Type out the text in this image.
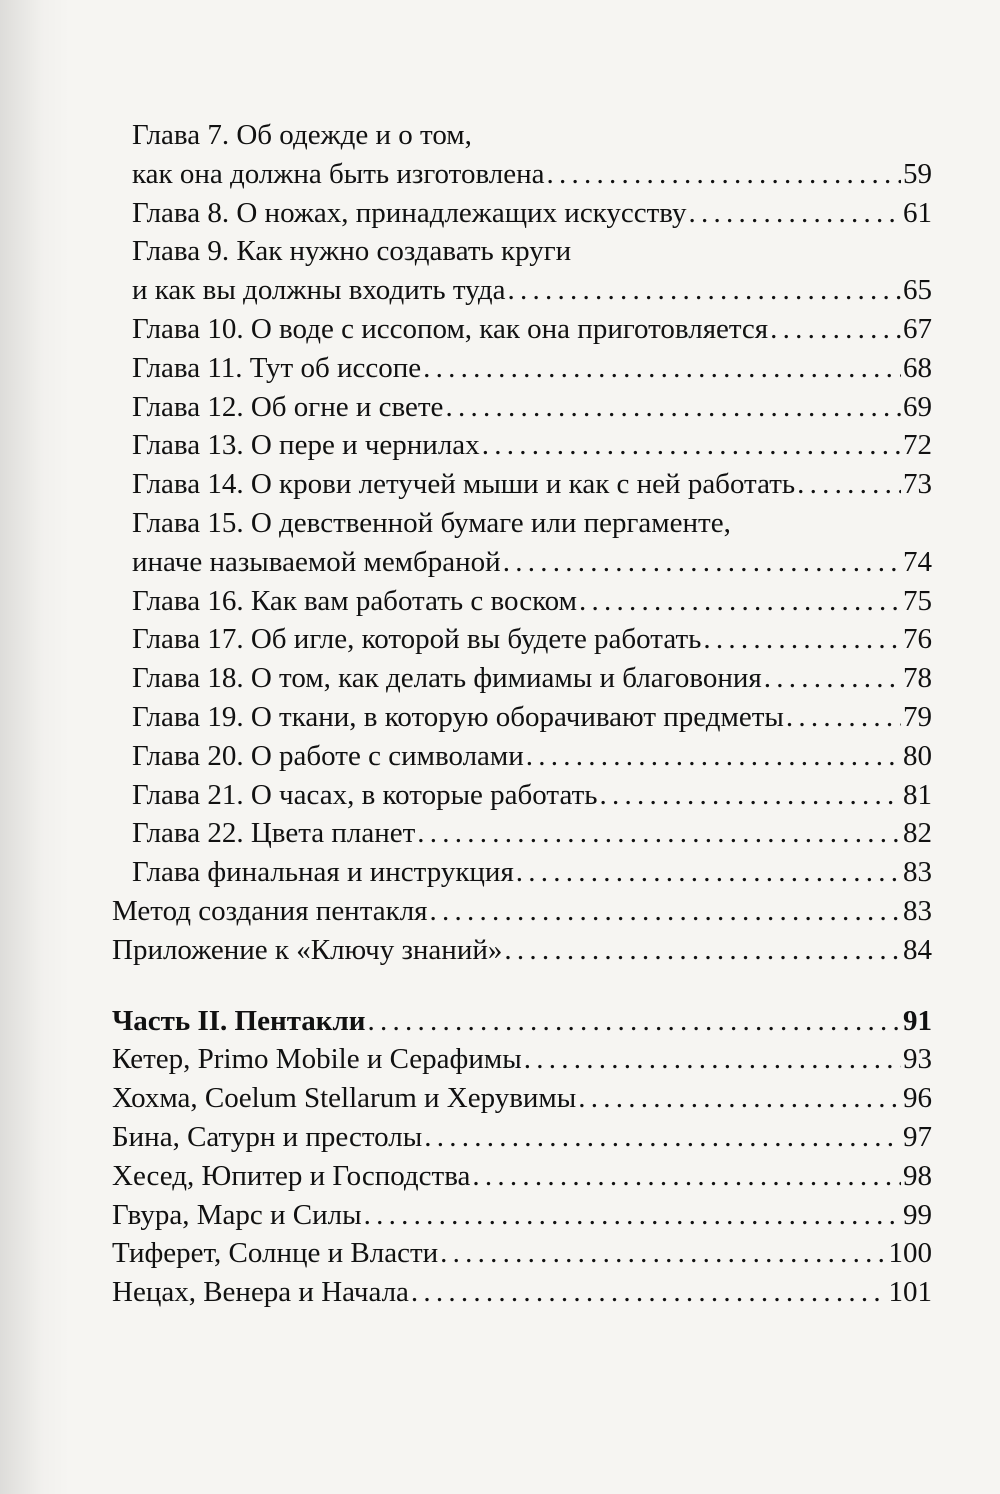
Глава 7. Об одежде и о том,
как она должна быть изготовлена . . .	59
Глава 8. О ножах, принадлежащих искусству . . .	61
Глава 9. Как нужно создавать круги
и как вы должны входить туда . . .	65
Глава 10. О воде с иссопом, как она приготовляется . . .	67
Глава 11. Тут об иссопе . . .	68
Глава 12. Об огне и свете . . .	69
Глава 13. О пере и чернилах . . .	72
Глава 14. О крови летучей мыши и как с ней работать . . .	73
Глава 15. О девственной бумаге или пергаменте,
иначе называемой мембраной . . .	74
Глава 16. Как вам работать с воском . . .	75
Глава 17. Об игле, которой вы будете работать . . .	76
Глава 18. О том, как делать фимиамы и благовония . . .	78
Глава 19. О ткани, в которую оборачивают предметы . . .	79
Глава 20. О работе с символами . . .	80
Глава 21. О часах, в которые работать . . .	81
Глава 22. Цвета планет . . .	82
Глава финальная и инструкция . . .	83
Метод создания пентакля . . .	83
Приложение к «Ключу знаний» . . .	84
Часть II. Пентакли . . .	91
Кетер, Primo Mobile и Серафимы . . .	93
Хохма, Coelum Stellarum и Херувимы . . .	96
Бина, Сатурн и престолы . . .	97
Хесед, Юпитер и Господства . . .	98
Гвура, Марс и Силы . . .	99
Тиферет, Солнце и Власти . . .	100
Нецах, Венера и Начала . . .	101
